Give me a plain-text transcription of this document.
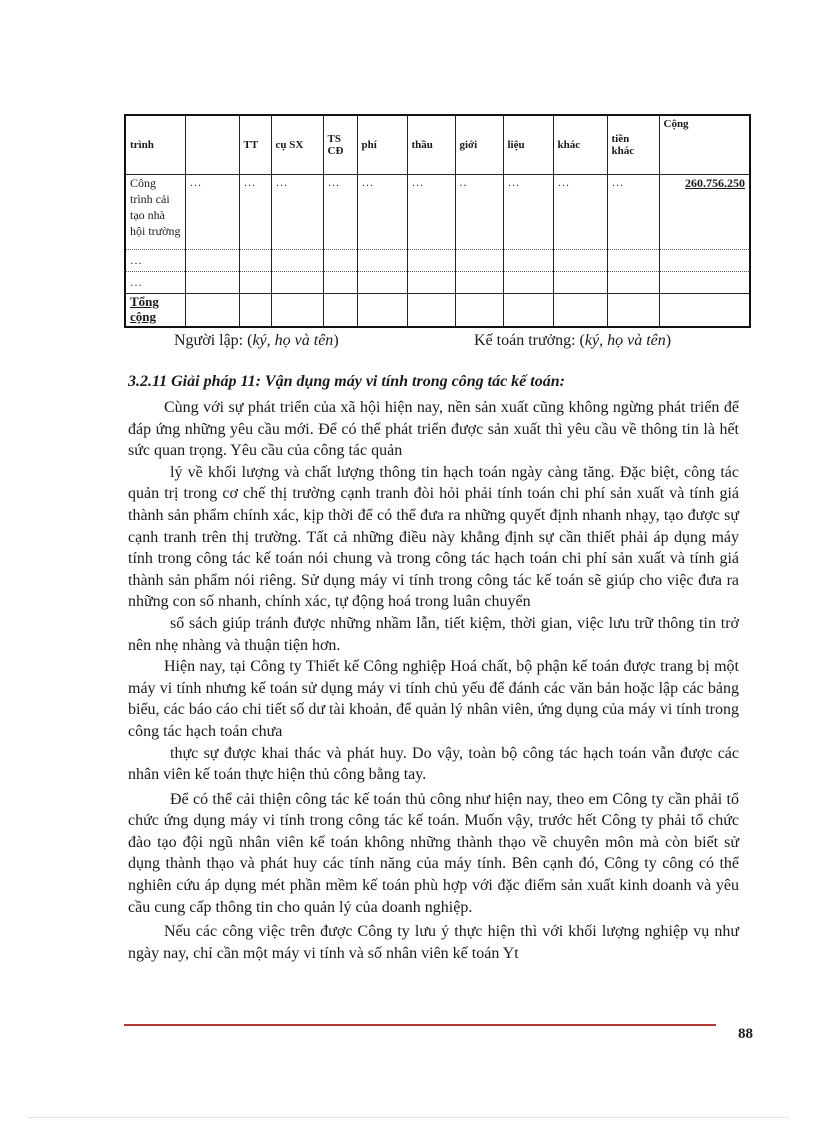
trình		TT	cụ SX	TS CĐ	phí	thầu	giới	liệu	khác	tiền khác	Cộng
Công trình cải tạo nhà hội trường	…	…	…	…	…	…	..	…	…	…	260.756.250
…											
…											
Tổng cộng											
Người lập: (ký, họ và tên)	Kế toán trưởng: (ký, họ và tên)
3.2.11 Giải pháp 11: Vận dụng máy vi tính trong công tác kế toán:

Cùng với sự phát triển của xã hội hiện nay, nền sản xuất cũng không ngừng phát triển để đáp ứng những yêu cầu mới. Để có thể phát triển được sản xuất thì yêu cầu về thông tin là hết sức quan trọng. Yêu cầu của công tác quản

lý về khối lượng và chất lượng thông tin hạch toán ngày càng tăng. Đặc biệt, công tác quản trị trong cơ chế thị trường cạnh tranh đòi hỏi phải tính toán chi phí sản xuất và tính giá thành sản phẩm chính xác, kịp thời để có thể đưa ra những quyết định nhanh nhạy, tạo được sự cạnh tranh trên thị trường. Tất cả những điều này khẳng định sự cần thiết phải áp dụng máy tính trong công tác kế toán nói chung và trong công tác hạch toán chi phí sản xuất và tính giá thành sản phẩm nói riêng. Sử dụng máy vi tính trong công tác kế toán sẽ giúp cho việc đưa ra những con số nhanh, chính xác, tự động hoá trong luân chuyển

sổ sách giúp tránh được những nhầm lẫn, tiết kiệm, thời gian, việc lưu trữ thông tin trở nên nhẹ nhàng và thuận tiện hơn.

Hiện nay, tại Công ty Thiết kế Công nghiệp Hoá chất, bộ phận kế toán được trang bị một máy vi tính nhưng kế toán sử dụng máy vi tính chủ yếu để đánh các văn bản hoặc lập các bảng biểu, các báo cáo chi tiết số dư tài khoản, để quản lý nhân viên, ứng dụng của máy vi tính trong công tác hạch toán chưa

thực sự được khai thác và phát huy. Do vậy, toàn bộ công tác hạch toán vẫn được các nhân viên kế toán thực hiện thủ công bằng tay.

Để có thể cải thiện công tác kế toán thủ công như hiện nay, theo em Công ty cần phải tổ chức ứng dụng máy vi tính trong công tác kế toán. Muốn vậy, trước hết Công ty phải tổ chức đào tạo đội ngũ nhân viên kế toán không những thành thạo về chuyên môn mà còn biết sử dụng thành thạo và phát huy các tính năng của máy tính. Bên cạnh đó, Công ty công có thể nghiên cứu áp dụng mét phần mềm kế toán phù hợp với đặc điểm sản xuất kinh doanh và yêu cầu cung cấp thông tin cho quản lý của doanh nghiệp.

Nếu các công việc trên được Công ty lưu ý thực hiện thì với khối lượng nghiệp vụ như ngày nay, chỉ cần một máy vi tính và số nhân viên kế toán Yt

88
